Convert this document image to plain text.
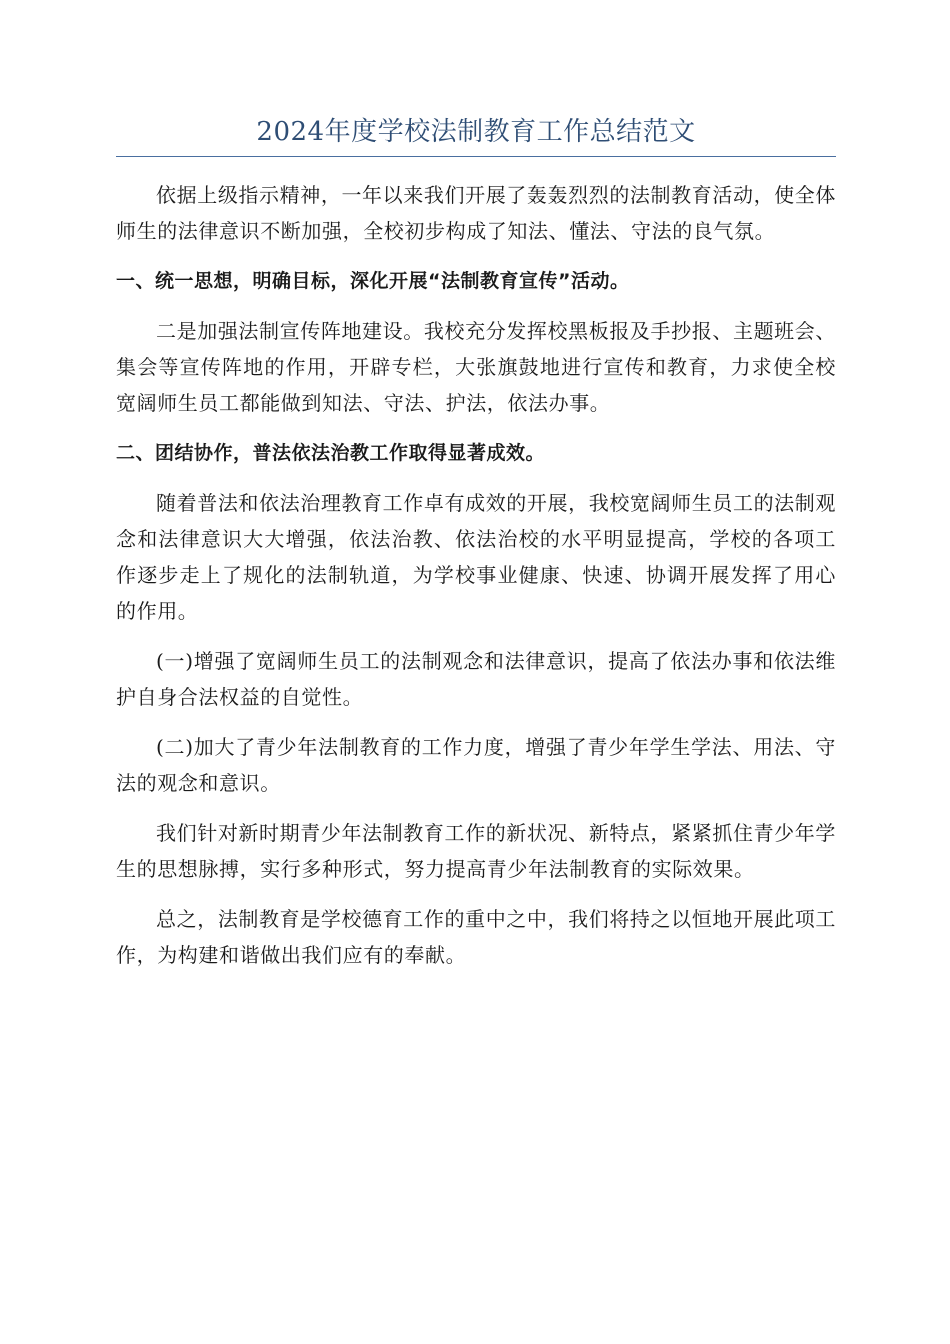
2024年度学校法制教育工作总结范文

依据上级指示精神，一年以来我们开展了轰轰烈烈的法制教育活动，使全体师生的法律意识不断加强，全校初步构成了知法、懂法、守法的良气氛。

一、统一思想，明确目标，深化开展“法制教育宣传”活动。

二是加强法制宣传阵地建设。我校充分发挥校黑板报及手抄报、主题班会、集会等宣传阵地的作用，开辟专栏，大张旗鼓地进行宣传和教育，力求使全校宽阔师生员工都能做到知法、守法、护法，依法办事。

二、团结协作，普法依法治教工作取得显著成效。

随着普法和依法治理教育工作卓有成效的开展，我校宽阔师生员工的法制观念和法律意识大大增强，依法治教、依法治校的水平明显提高，学校的各项工作逐步走上了规化的法制轨道，为学校事业健康、快速、协调开展发挥了用心的作用。

(一)增强了宽阔师生员工的法制观念和法律意识，提高了依法办事和依法维护自身合法权益的自觉性。

(二)加大了青少年法制教育的工作力度，增强了青少年学生学法、用法、守法的观念和意识。

我们针对新时期青少年法制教育工作的新状况、新特点，紧紧抓住青少年学生的思想脉搏，实行多种形式，努力提高青少年法制教育的实际效果。

总之，法制教育是学校德育工作的重中之中，我们将持之以恒地开展此项工作，为构建和谐做出我们应有的奉献。
